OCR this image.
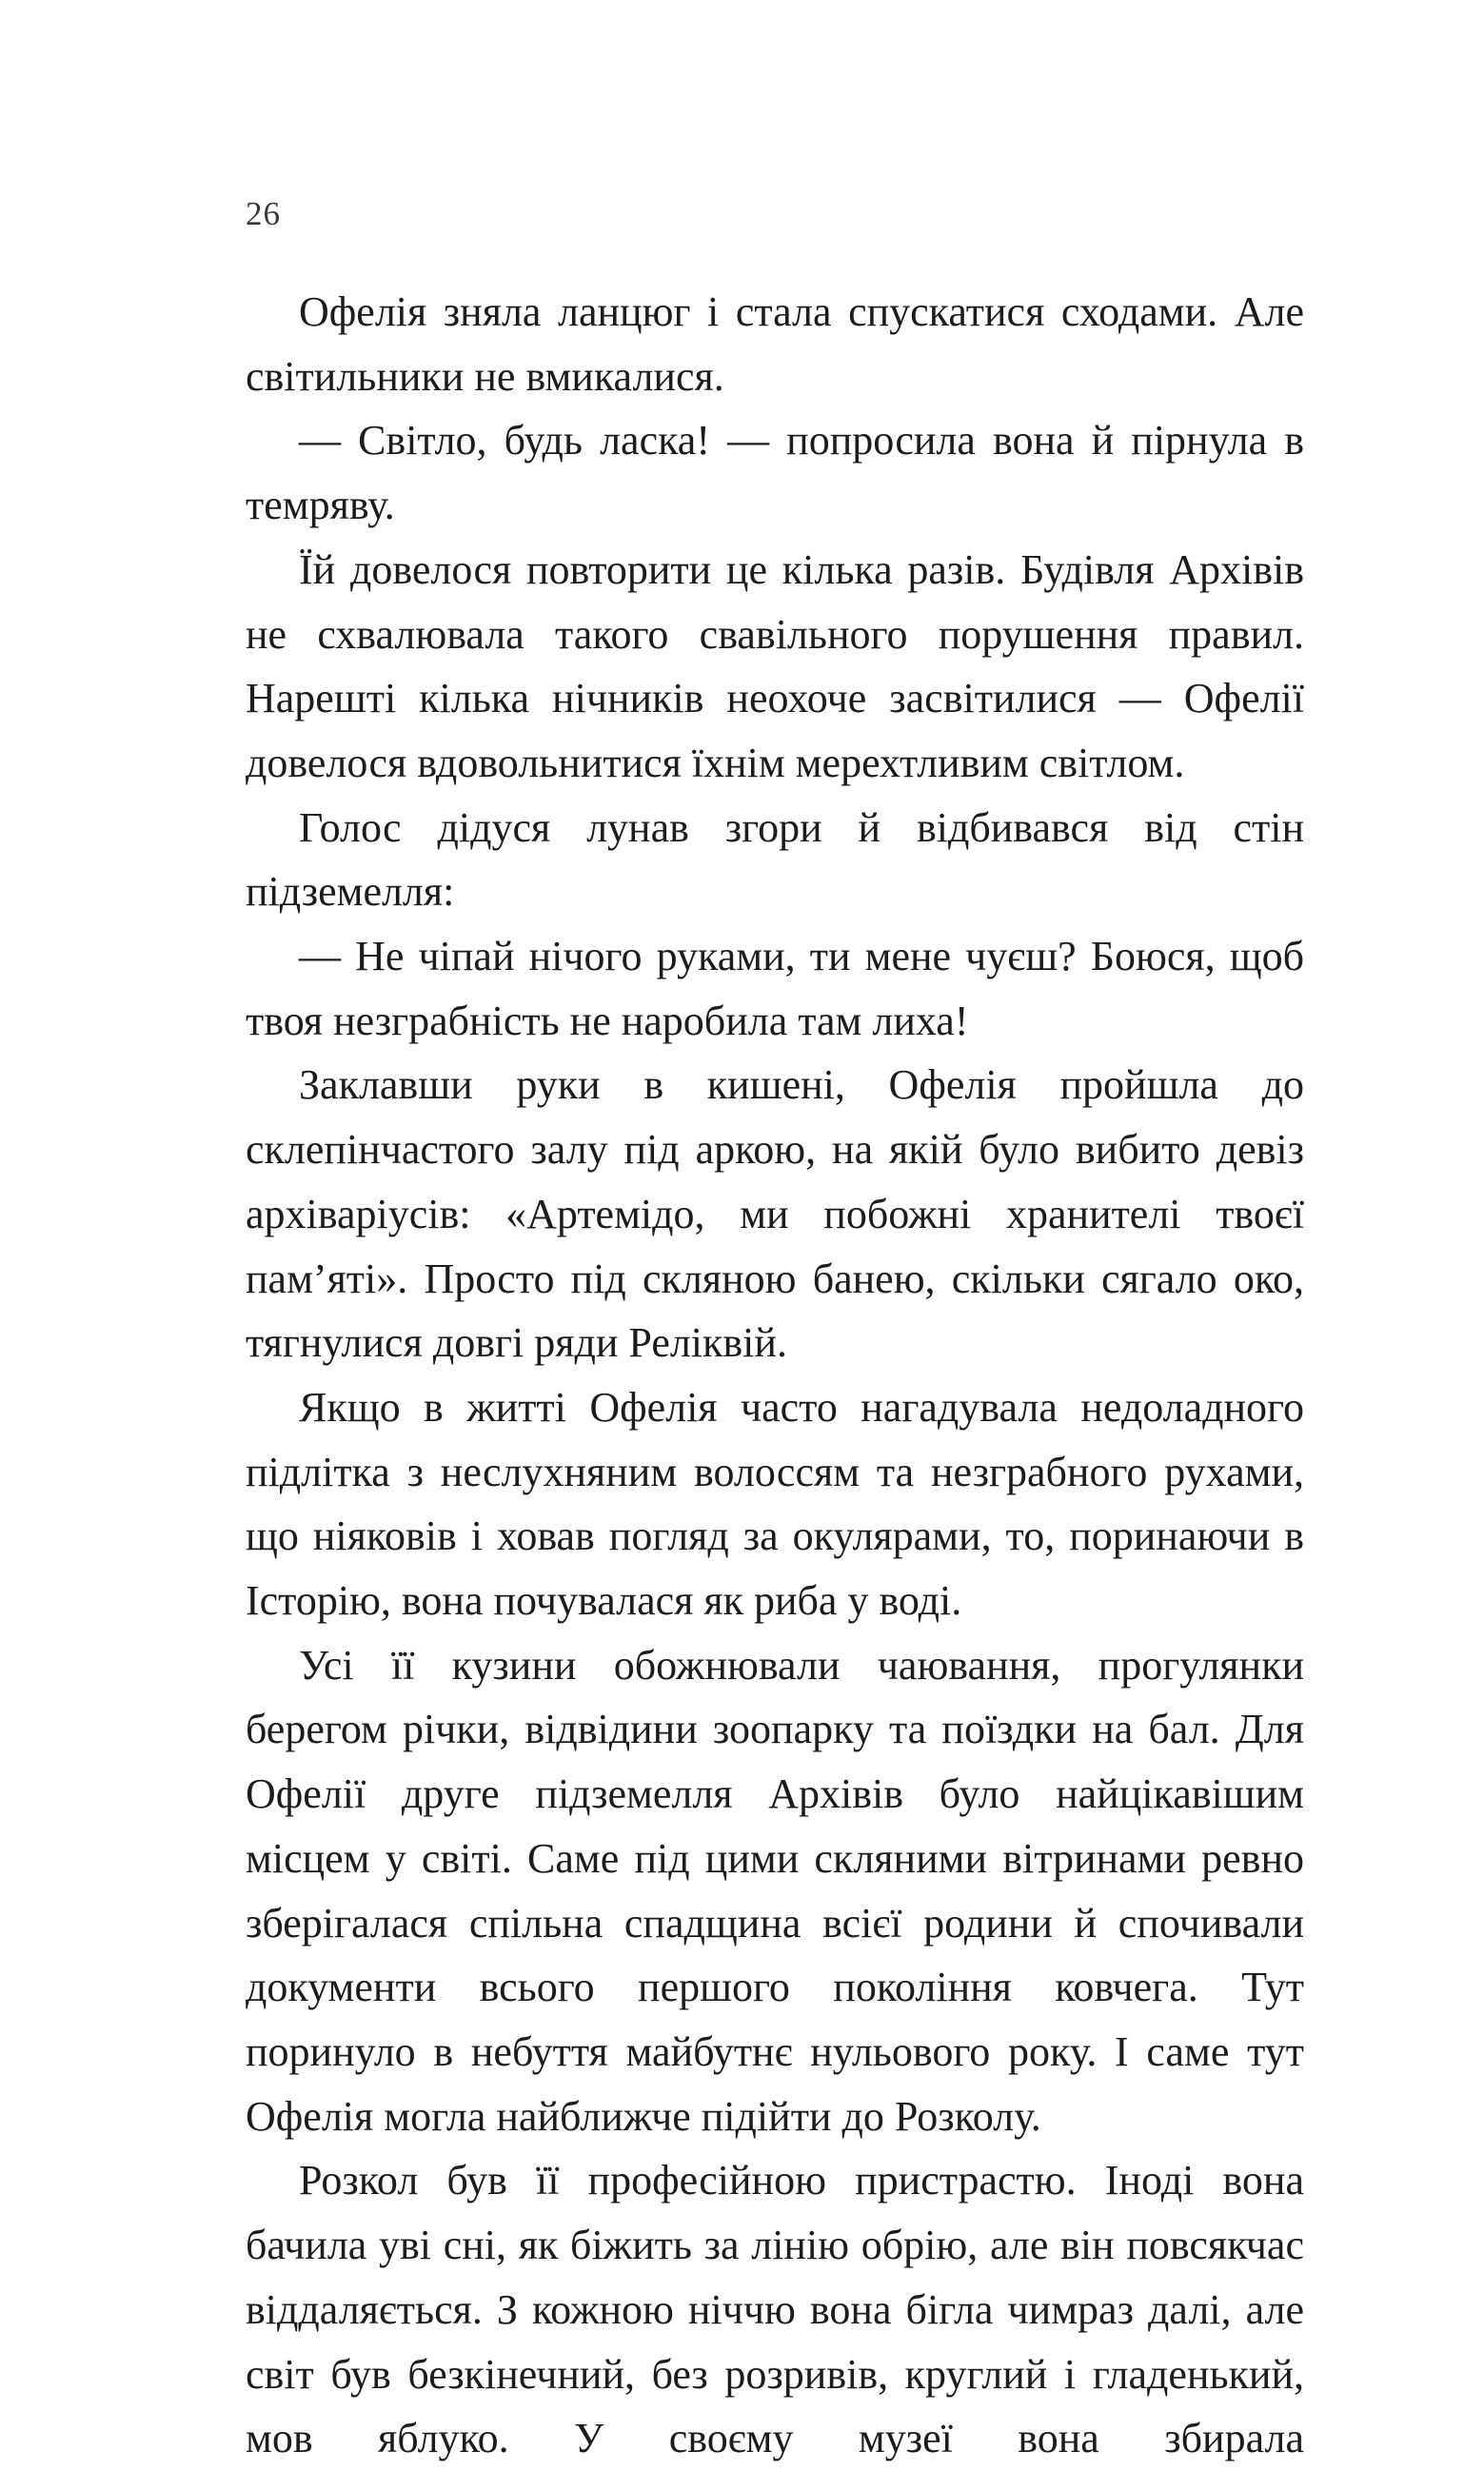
26

Офелія зняла ланцюг і стала спускатися сходами. Але світильники не вмикалися.

— Світло, будь ласка! — попросила вона й пірнула в темряву.

Їй довелося повторити це кілька разів. Будівля Архівів не схвалювала такого свавільного порушення правил. Нарешті кілька нічників неохоче засвітилися — Офелії довелося вдовольнитися їхнім мерехтливим світлом.

Голос дідуся лунав згори й відбивався від стін підземелля:

— Не чіпай нічого руками, ти мене чуєш? Боюся, щоб твоя незграбність не наробила там лиха!

Заклавши руки в кишені, Офелія пройшла до склепінчастого залу під аркою, на якій було вибито девіз архіваріусів: «Артемідо, ми побожні хранителі твоєї пам’яті». Просто під скляною банею, скільки сягало око, тягнулися довгі ряди Реліквій.

Якщо в житті Офелія часто нагадувала недоладного підлітка з неслухняним волоссям та незграбного рухами, що ніяковів і ховав погляд за окулярами, то, поринаючи в Історію, вона почувалася як риба у воді.

Усі її кузини обожнювали чаювання, прогулянки берегом річки, відвідини зоопарку та поїздки на бал. Для Офелії друге підземелля Архівів було найцікавішим місцем у світі. Саме під цими скляними вітринами ревно зберігалася спільна спадщина всієї родини й спочивали документи всього першого покоління ковчега. Тут поринуло в небуття майбутнє нульового року. І саме тут Офелія могла найближче підійти до Розколу.

Розкол був її професійною пристрастю. Іноді вона бачила уві сні, як біжить за лінію обрію, але він повсякчас віддаляється. З кожною ніччю вона бігла чимраз далі, але світ був безкінечний, без розривів, круглий і гладенький, мов яблуко. У своєму музеї вона збирала
